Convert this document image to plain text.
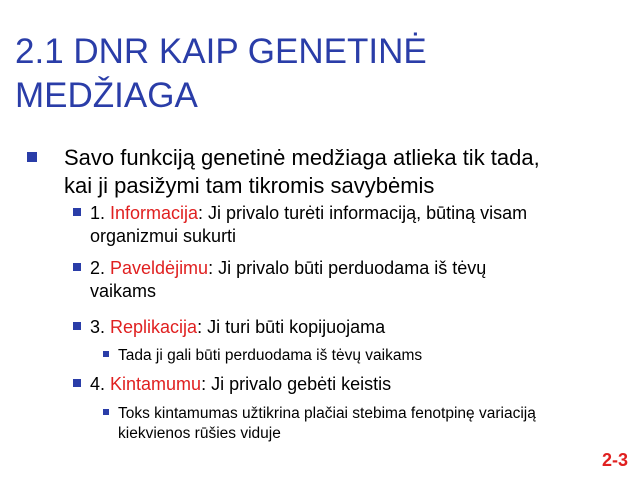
2.1 DNR KAIP GENETINĖ
MEDŽIAGA
Savo funkciją genetinė medžiaga atlieka tik tada,
kai ji pasižymi tam tikromis savybėmis
1. Informacija: Ji privalo turėti informaciją, būtiną visam
organizmui sukurti
2. Paveldėjimu: Ji privalo būti perduodama iš tėvų
vaikams
3. Replikacija: Ji turi būti kopijuojama
Tada ji gali būti perduodama iš tėvų vaikams
4. Kintamumu: Ji privalo gebėti keistis
Toks kintamumas užtikrina plačiai stebima fenotpinę variaciją
kiekvienos rūšies viduje
2-3
